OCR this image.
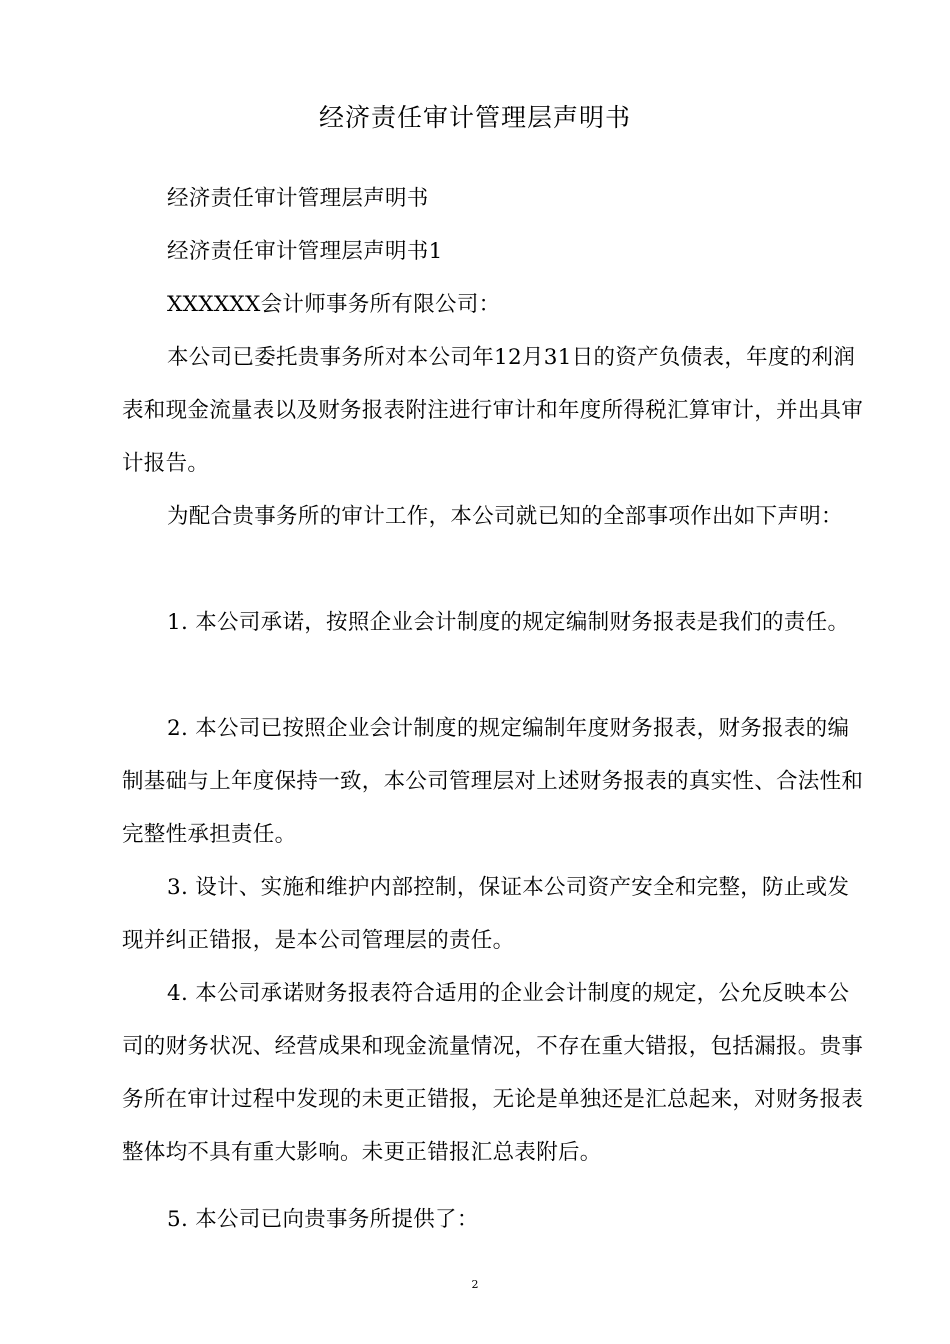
经济责任审计管理层声明书
经济责任审计管理层声明书
经济责任审计管理层声明书1
XXXXXX会计师事务所有限公司：
本公司已委托贵事务所对本公司年12月31日的资产负债表，年度的利润表和现金流量表以及财务报表附注进行审计和年度所得税汇算审计，并出具审计报告。
为配合贵事务所的审计工作，本公司就已知的全部事项作出如下声明：
1. 本公司承诺，按照企业会计制度的规定编制财务报表是我们的责任。
2. 本公司已按照企业会计制度的规定编制年度财务报表，财务报表的编制基础与上年度保持一致，本公司管理层对上述财务报表的真实性、合法性和完整性承担责任。
3. 设计、实施和维护内部控制，保证本公司资产安全和完整，防止或发现并纠正错报，是本公司管理层的责任。
4. 本公司承诺财务报表符合适用的企业会计制度的规定，公允反映本公司的财务状况、经营成果和现金流量情况，不存在重大错报，包括漏报。贵事务所在审计过程中发现的未更正错报，无论是单独还是汇总起来，对财务报表整体均不具有重大影响。未更正错报汇总表附后。
5. 本公司已向贵事务所提供了：
2
